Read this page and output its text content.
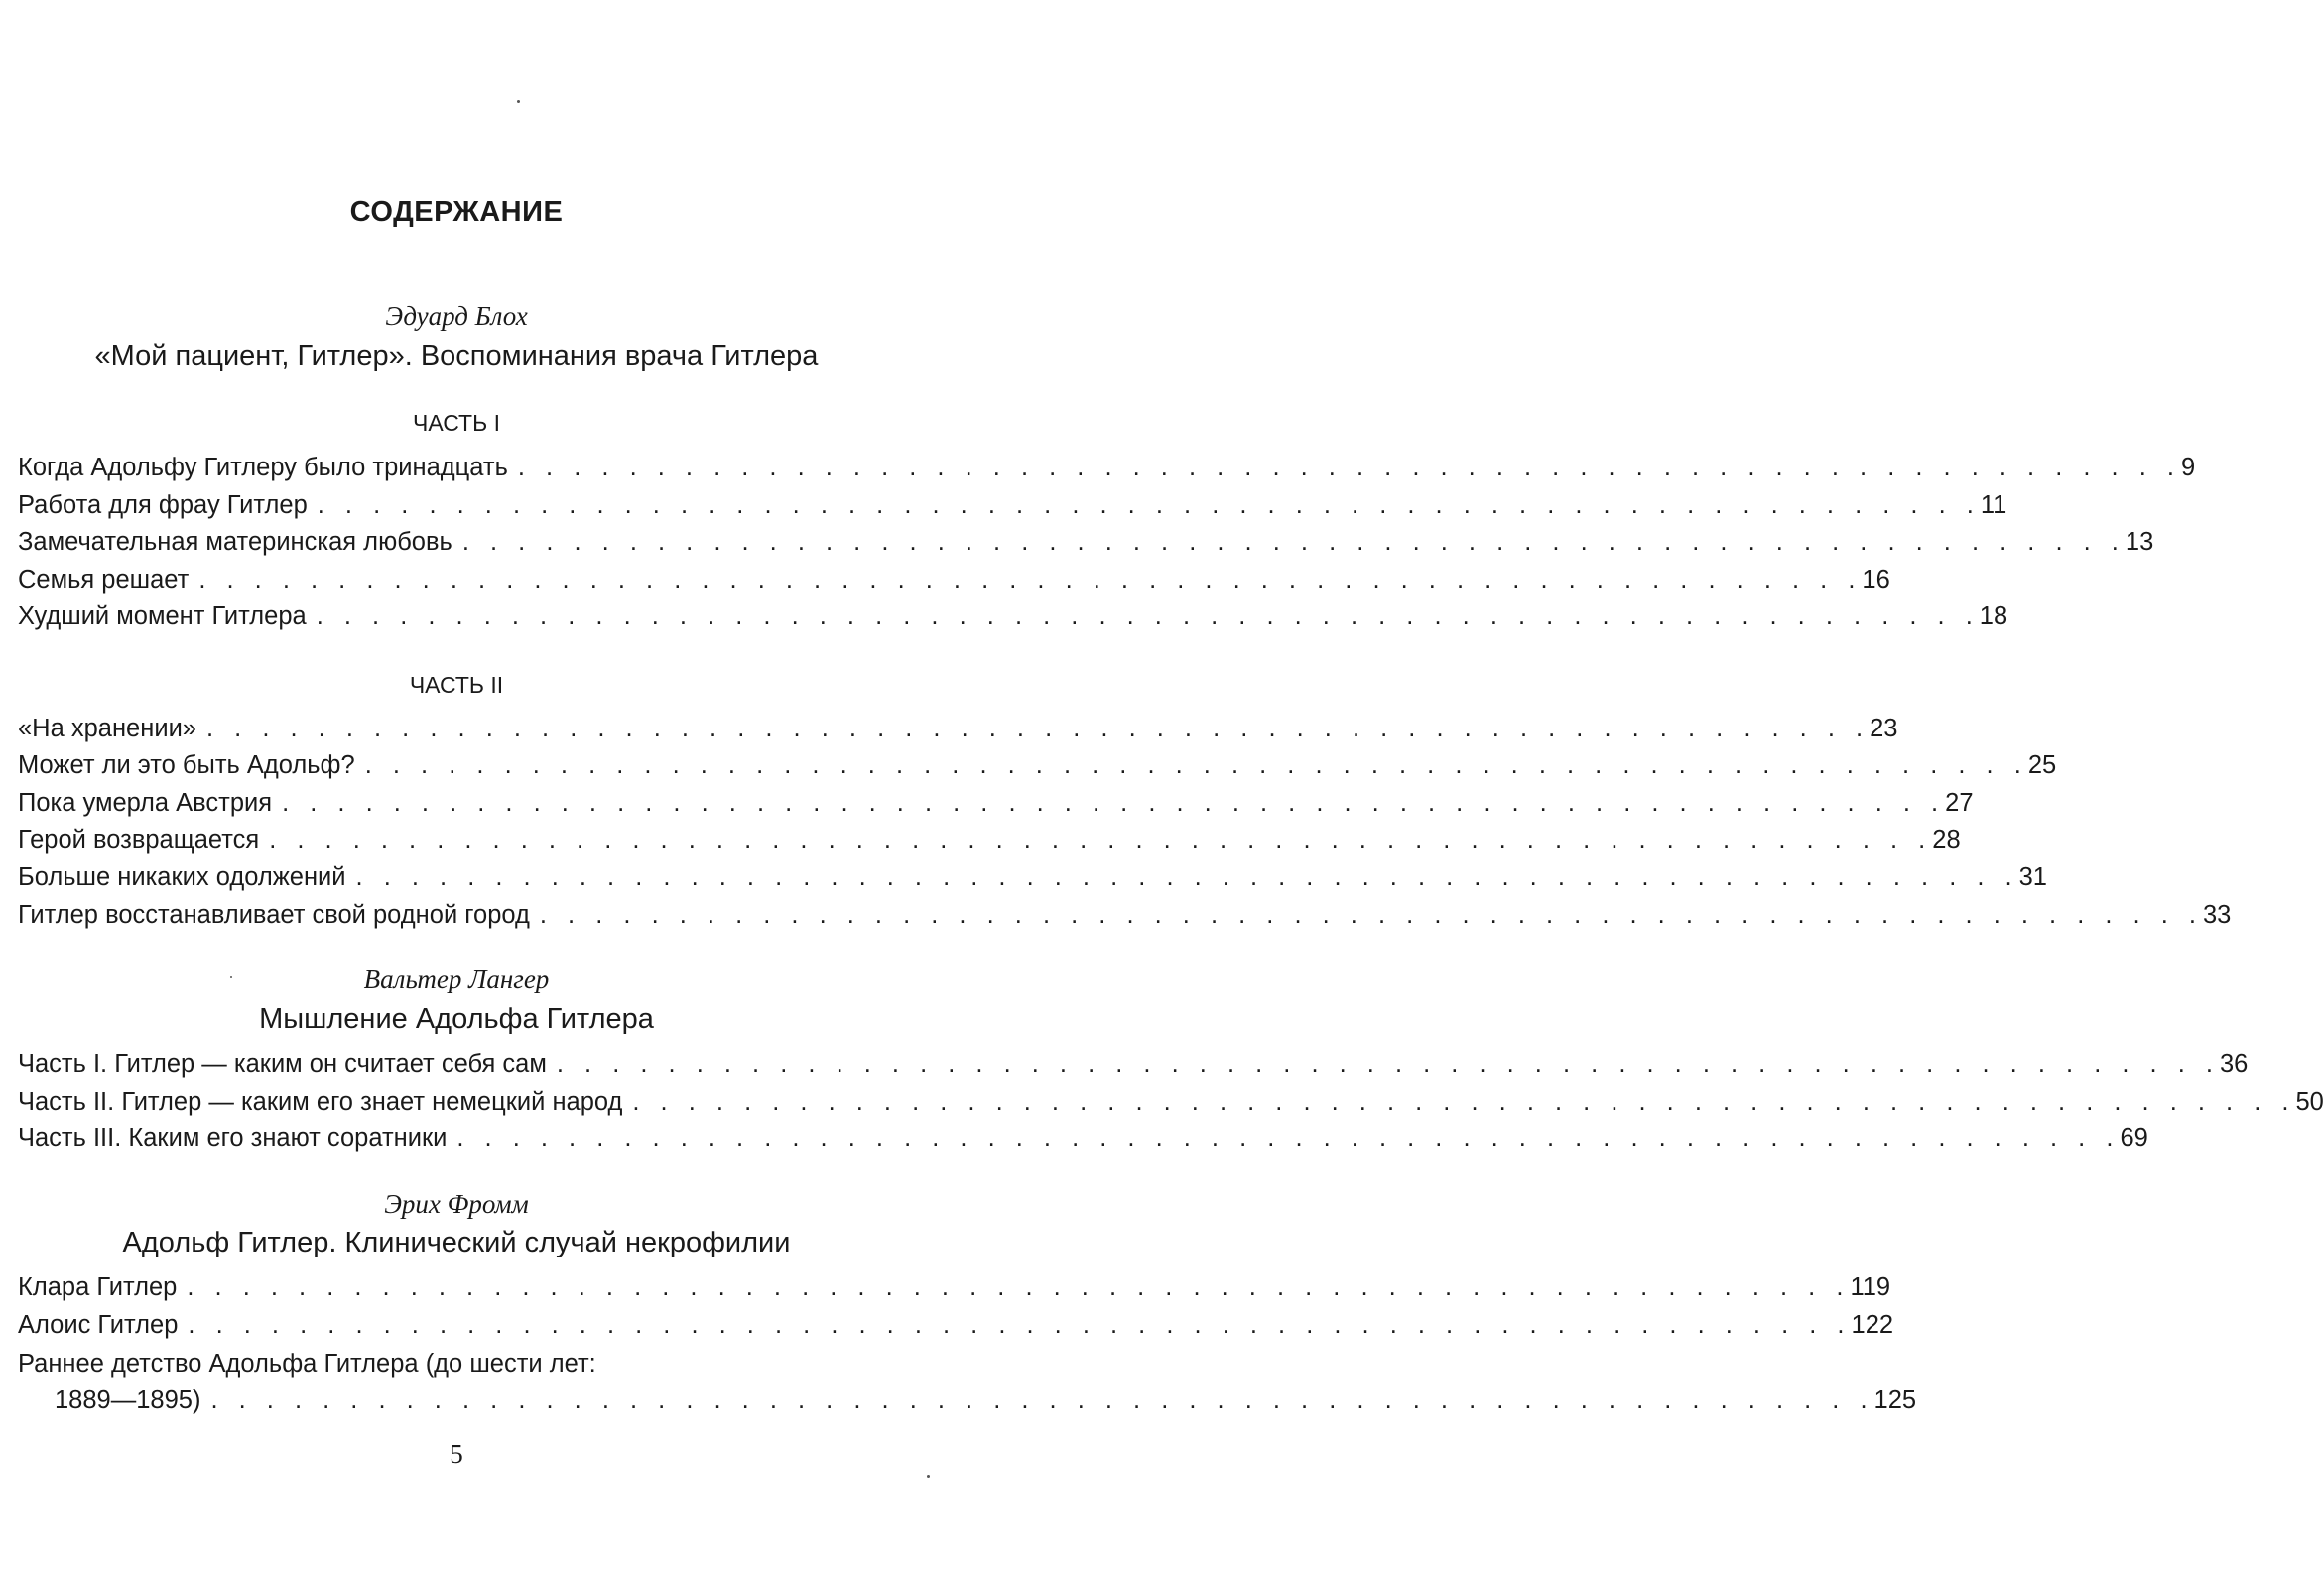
СОДЕРЖАНИЕ
Эдуард Блох
«Мой пациент, Гитлер». Воспоминания врача Гитлера
ЧАСТЬ I
Когда Адольфу Гитлеру было тринадцать . . . . . . . . . . . . . . . . . . . . . . . . . . . . . . . . . . . . . . . . . . . . . . . . . . . . . . . . . . . . 9
Работа для фрау Гитлер . . . . . . . . . . . . . . . . . . . . . . . . . . . . . . . . . . . . . . . . . . . . . . . . . . . . . . . . . . . . 11
Замечательная материнская любовь . . . . . . . . . . . . . . . . . . . . . . . . . . . . . . . . . . . . . . . . . . . . . . . . . . . . . . . . . . . . 13
Семья решает . . . . . . . . . . . . . . . . . . . . . . . . . . . . . . . . . . . . . . . . . . . . . . . . . . . . . . . . . . . . 16
Худший момент Гитлера . . . . . . . . . . . . . . . . . . . . . . . . . . . . . . . . . . . . . . . . . . . . . . . . . . . . . . . . . . . . 18
ЧАСТЬ II
«На хранении» . . . . . . . . . . . . . . . . . . . . . . . . . . . . . . . . . . . . . . . . . . . . . . . . . . . . . . . . . . . . 23
Может ли это быть Адольф? . . . . . . . . . . . . . . . . . . . . . . . . . . . . . . . . . . . . . . . . . . . . . . . . . . . . . . . . . . . . 25
Пока умерла Австрия . . . . . . . . . . . . . . . . . . . . . . . . . . . . . . . . . . . . . . . . . . . . . . . . . . . . . . . . . . . . 27
Герой возвращается . . . . . . . . . . . . . . . . . . . . . . . . . . . . . . . . . . . . . . . . . . . . . . . . . . . . . . . . . . . . 28
Больше никаких одолжений . . . . . . . . . . . . . . . . . . . . . . . . . . . . . . . . . . . . . . . . . . . . . . . . . . . . . . . . . . . . 31
Гитлер восстанавливает свой родной город . . . . . . . . . . . . . . . . . . . . . . . . . . . . . . . . . . . . . . . . . . . . . . . . . . . . . . . . . . . . 33
Вальтер Лангер
Мышление Адольфа Гитлера
Часть I. Гитлер — каким он считает себя сам . . . . . . . . . . . . . . . . . . . . . . . . . . . . . . . . . . . . . . . . . . . . . . . . . . . . . . . . . . . . 36
Часть II. Гитлер — каким его знает немецкий народ . . . . . . . . . . . . . . . . . . . . . . . . . . . . . . . . . . . . . . . . . . . . . . . . . . . . . . . . . . . . 50
Часть III. Каким его знают соратники . . . . . . . . . . . . . . . . . . . . . . . . . . . . . . . . . . . . . . . . . . . . . . . . . . . . . . . . . . . . 69
Эрих Фромм
Адольф Гитлер. Клинический случай некрофилии
Клара Гитлер . . . . . . . . . . . . . . . . . . . . . . . . . . . . . . . . . . . . . . . . . . . . . . . . . . . . . . . . . . . . 119
Алоис Гитлер . . . . . . . . . . . . . . . . . . . . . . . . . . . . . . . . . . . . . . . . . . . . . . . . . . . . . . . . . . . . 122
Раннее детство Адольфа Гитлера (до шести лет:
1889—1895) . . . . . . . . . . . . . . . . . . . . . . . . . . . . . . . . . . . . . . . . . . . . . . . . . . . . . . . . . . . . 125
5
